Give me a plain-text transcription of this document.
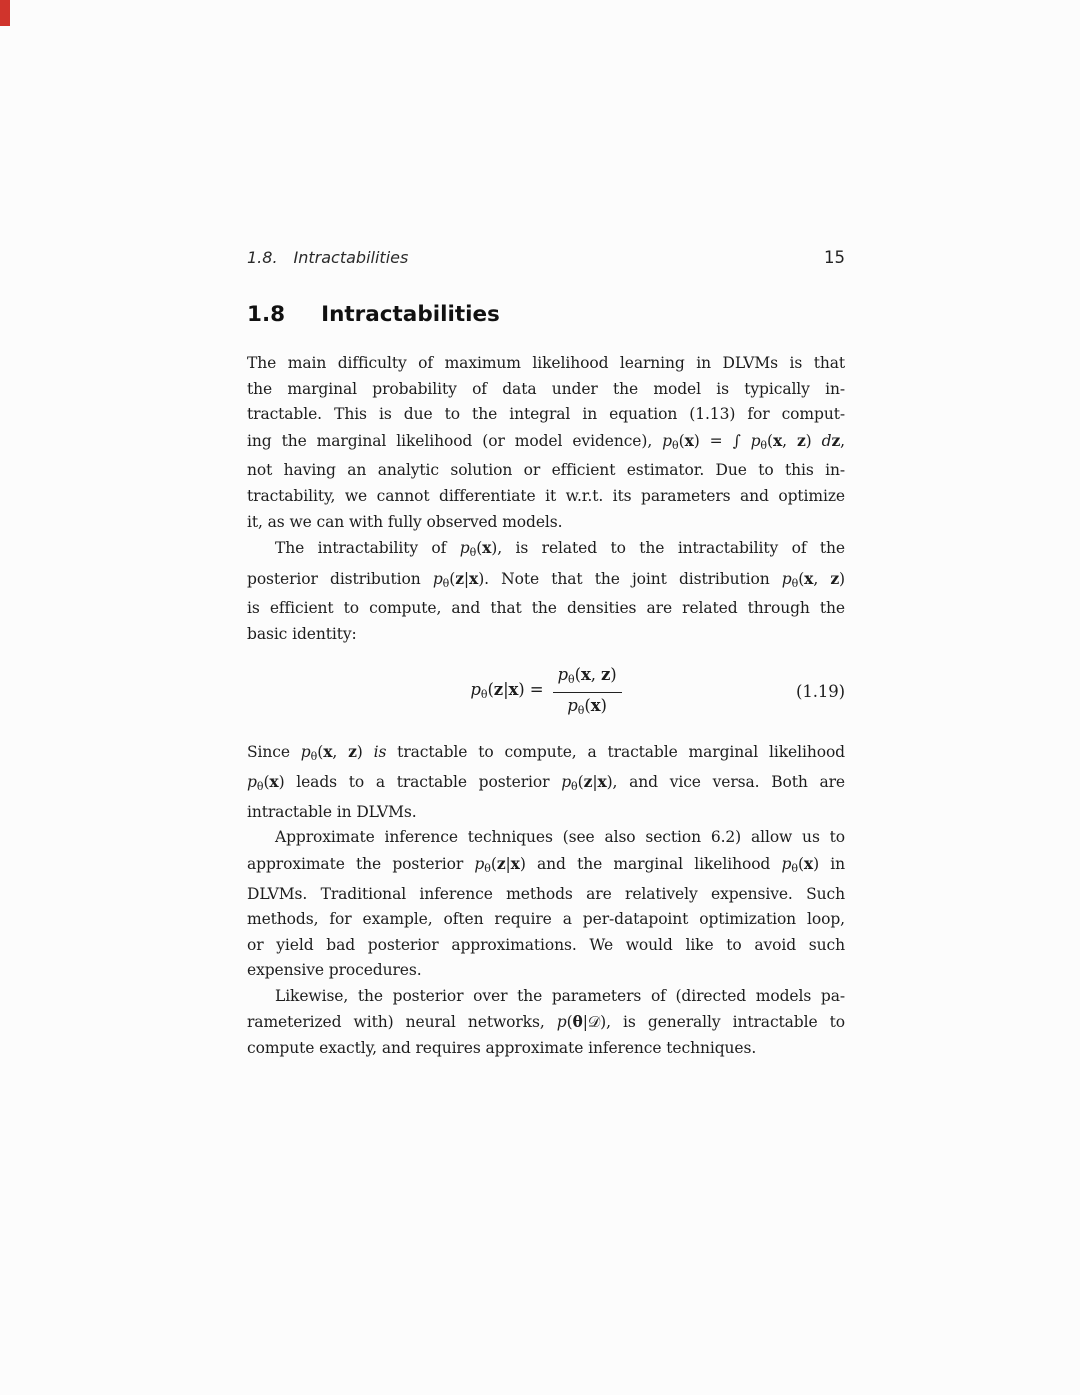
1.8. Intractabilities	15
1.8 Intractabilities
The main difficulty of maximum likelihood learning in DLVMs is that
the marginal probability of data under the model is typically in-
tractable. This is due to the integral in equation (1.13) for comput-
ing the marginal likelihood (or model evidence), $p_\theta(x)$ = ∫ $p_\theta(x$, z) dz,
not having an analytic solution or efficient estimator. Due to this in-
tractability, we cannot differentiate it w.r.t. its parameters and optimize
it, as we can with fully observed models.
The intractability of $p_\theta(x)$, is related to the intractability of the
posterior distribution $p_\theta(z|x)$. Note that the joint distribution $p_\theta(x$, z)
is efficient to compute, and that the densities are related through the
basic identity:
$p_\theta(z|x) = \frac{p_\theta(x, z)}{p_\theta(x)}$	(1.19)
Since $p_\theta(x$, z) is tractable to compute, a tractable marginal likelihood
$p_\theta(x)$ leads to a tractable posterior $p_\theta(z|x)$, and vice versa. Both are
intractable in DLVMs.
Approximate inference techniques (see also section 6.2) allow us to
approximate the posterior $p_\theta(z|x)$ and the marginal likelihood $p_\theta(x)$ in
DLVMs. Traditional inference methods are relatively expensive. Such
methods, for example, often require a per-datapoint optimization loop,
or yield bad posterior approximations. We would like to avoid such
expensive procedures.
Likewise, the posterior over the parameters of (directed models pa-
rameterized with) neural networks, p(θ|𝒟), is generally intractable to
compute exactly, and requires approximate inference techniques.
